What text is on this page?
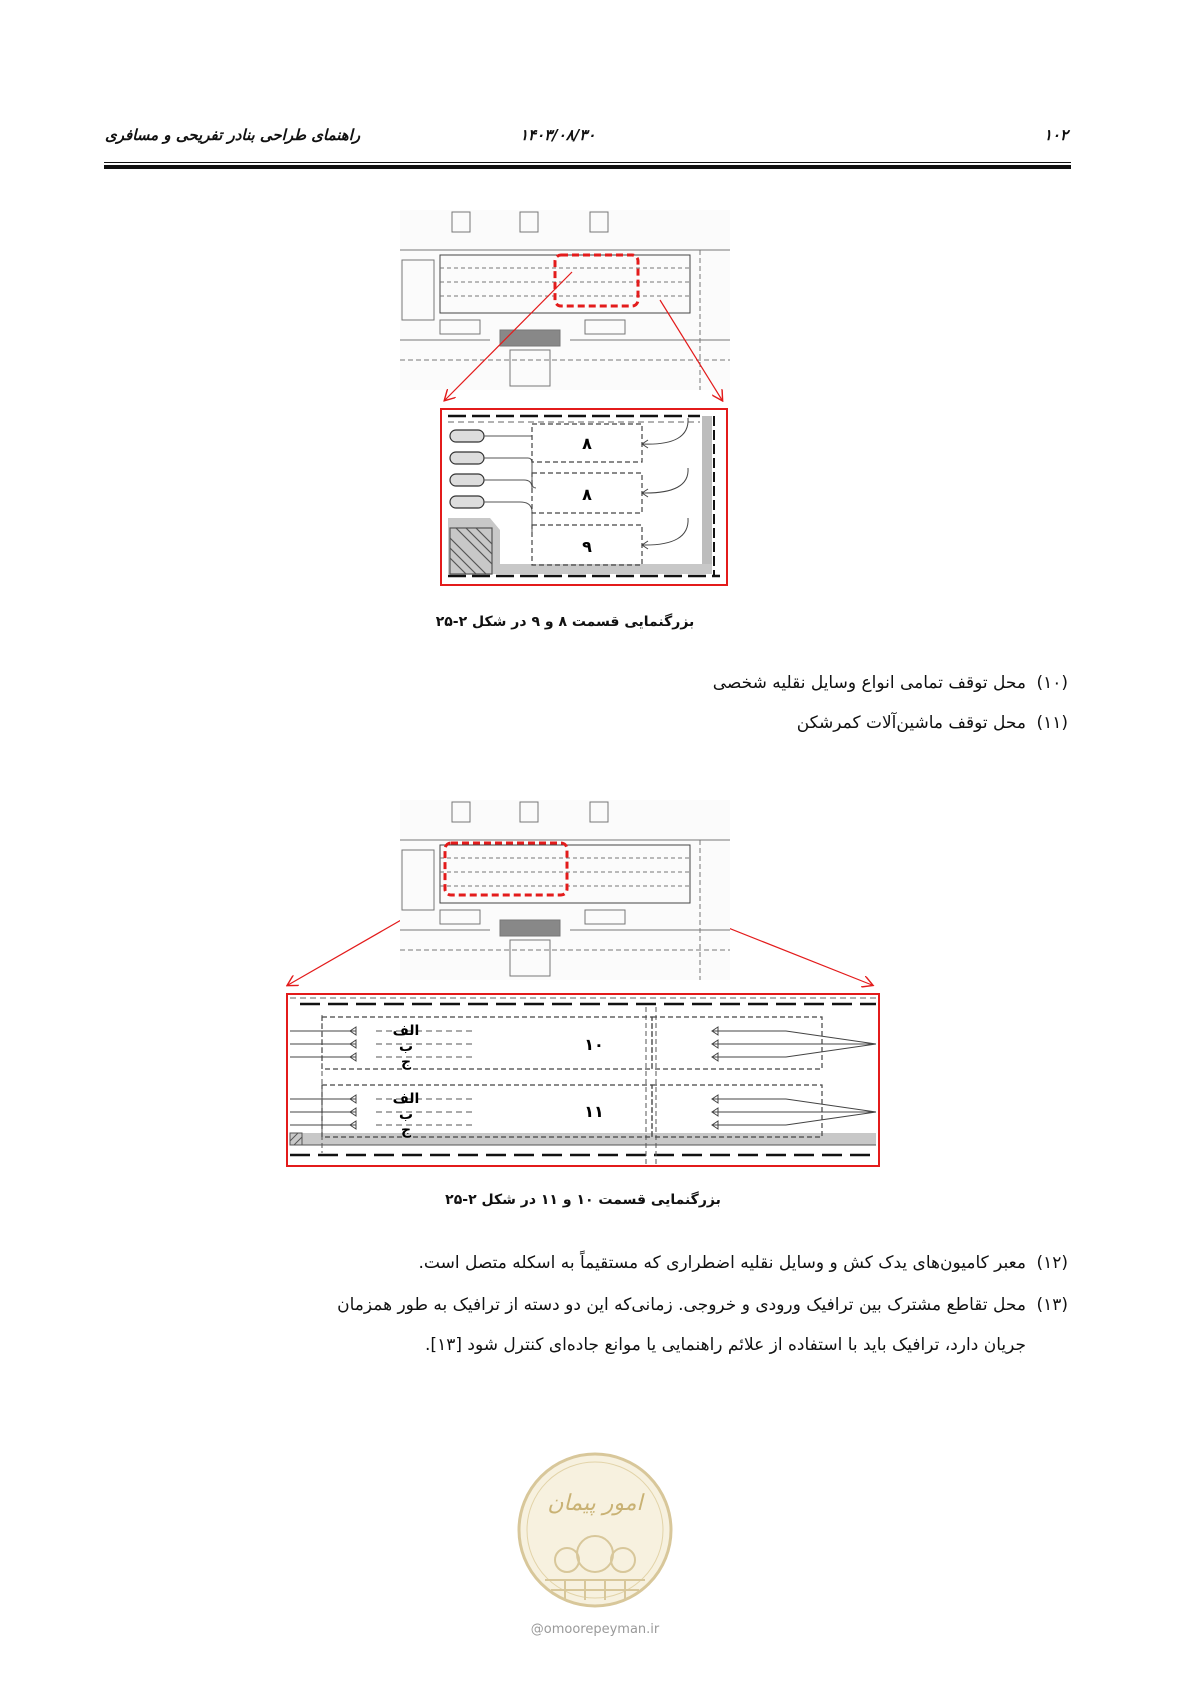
۱۰۲
۱۴۰۳/۰۸/۳۰
راهنمای طراحی بنادر تفریحی و مسافری
۸
۸
۹
بزرگنمایی قسمت ۸ و ۹ در شکل ۲-۲۵
(۱۰)محل توقف تمامی انواع وسایل نقلیه شخصی
(۱۱)محل توقف ماشین‌آلات کمرشکن
الف
ب
ج
الف
ب
ج
۱۰
۱۱
بزرگنمایی قسمت ۱۰ و ۱۱ در شکل ۲-۲۵
(۱۲)معبر کامیون‌های یدک کش و وسایل نقلیه اضطراری که مستقیماً به اسکله متصل است.
(۱۳)محل تقاطع مشترک بین ترافیک ورودی و خروجی. زمانی‌که این دو دسته از ترافیک به طور همزمان
جریان دارد، ترافیک باید با استفاده از علائم راهنمایی یا موانع جاده‌ای کنترل شود [۱۳].
امور پیمان
@omoorepeyman.ir
